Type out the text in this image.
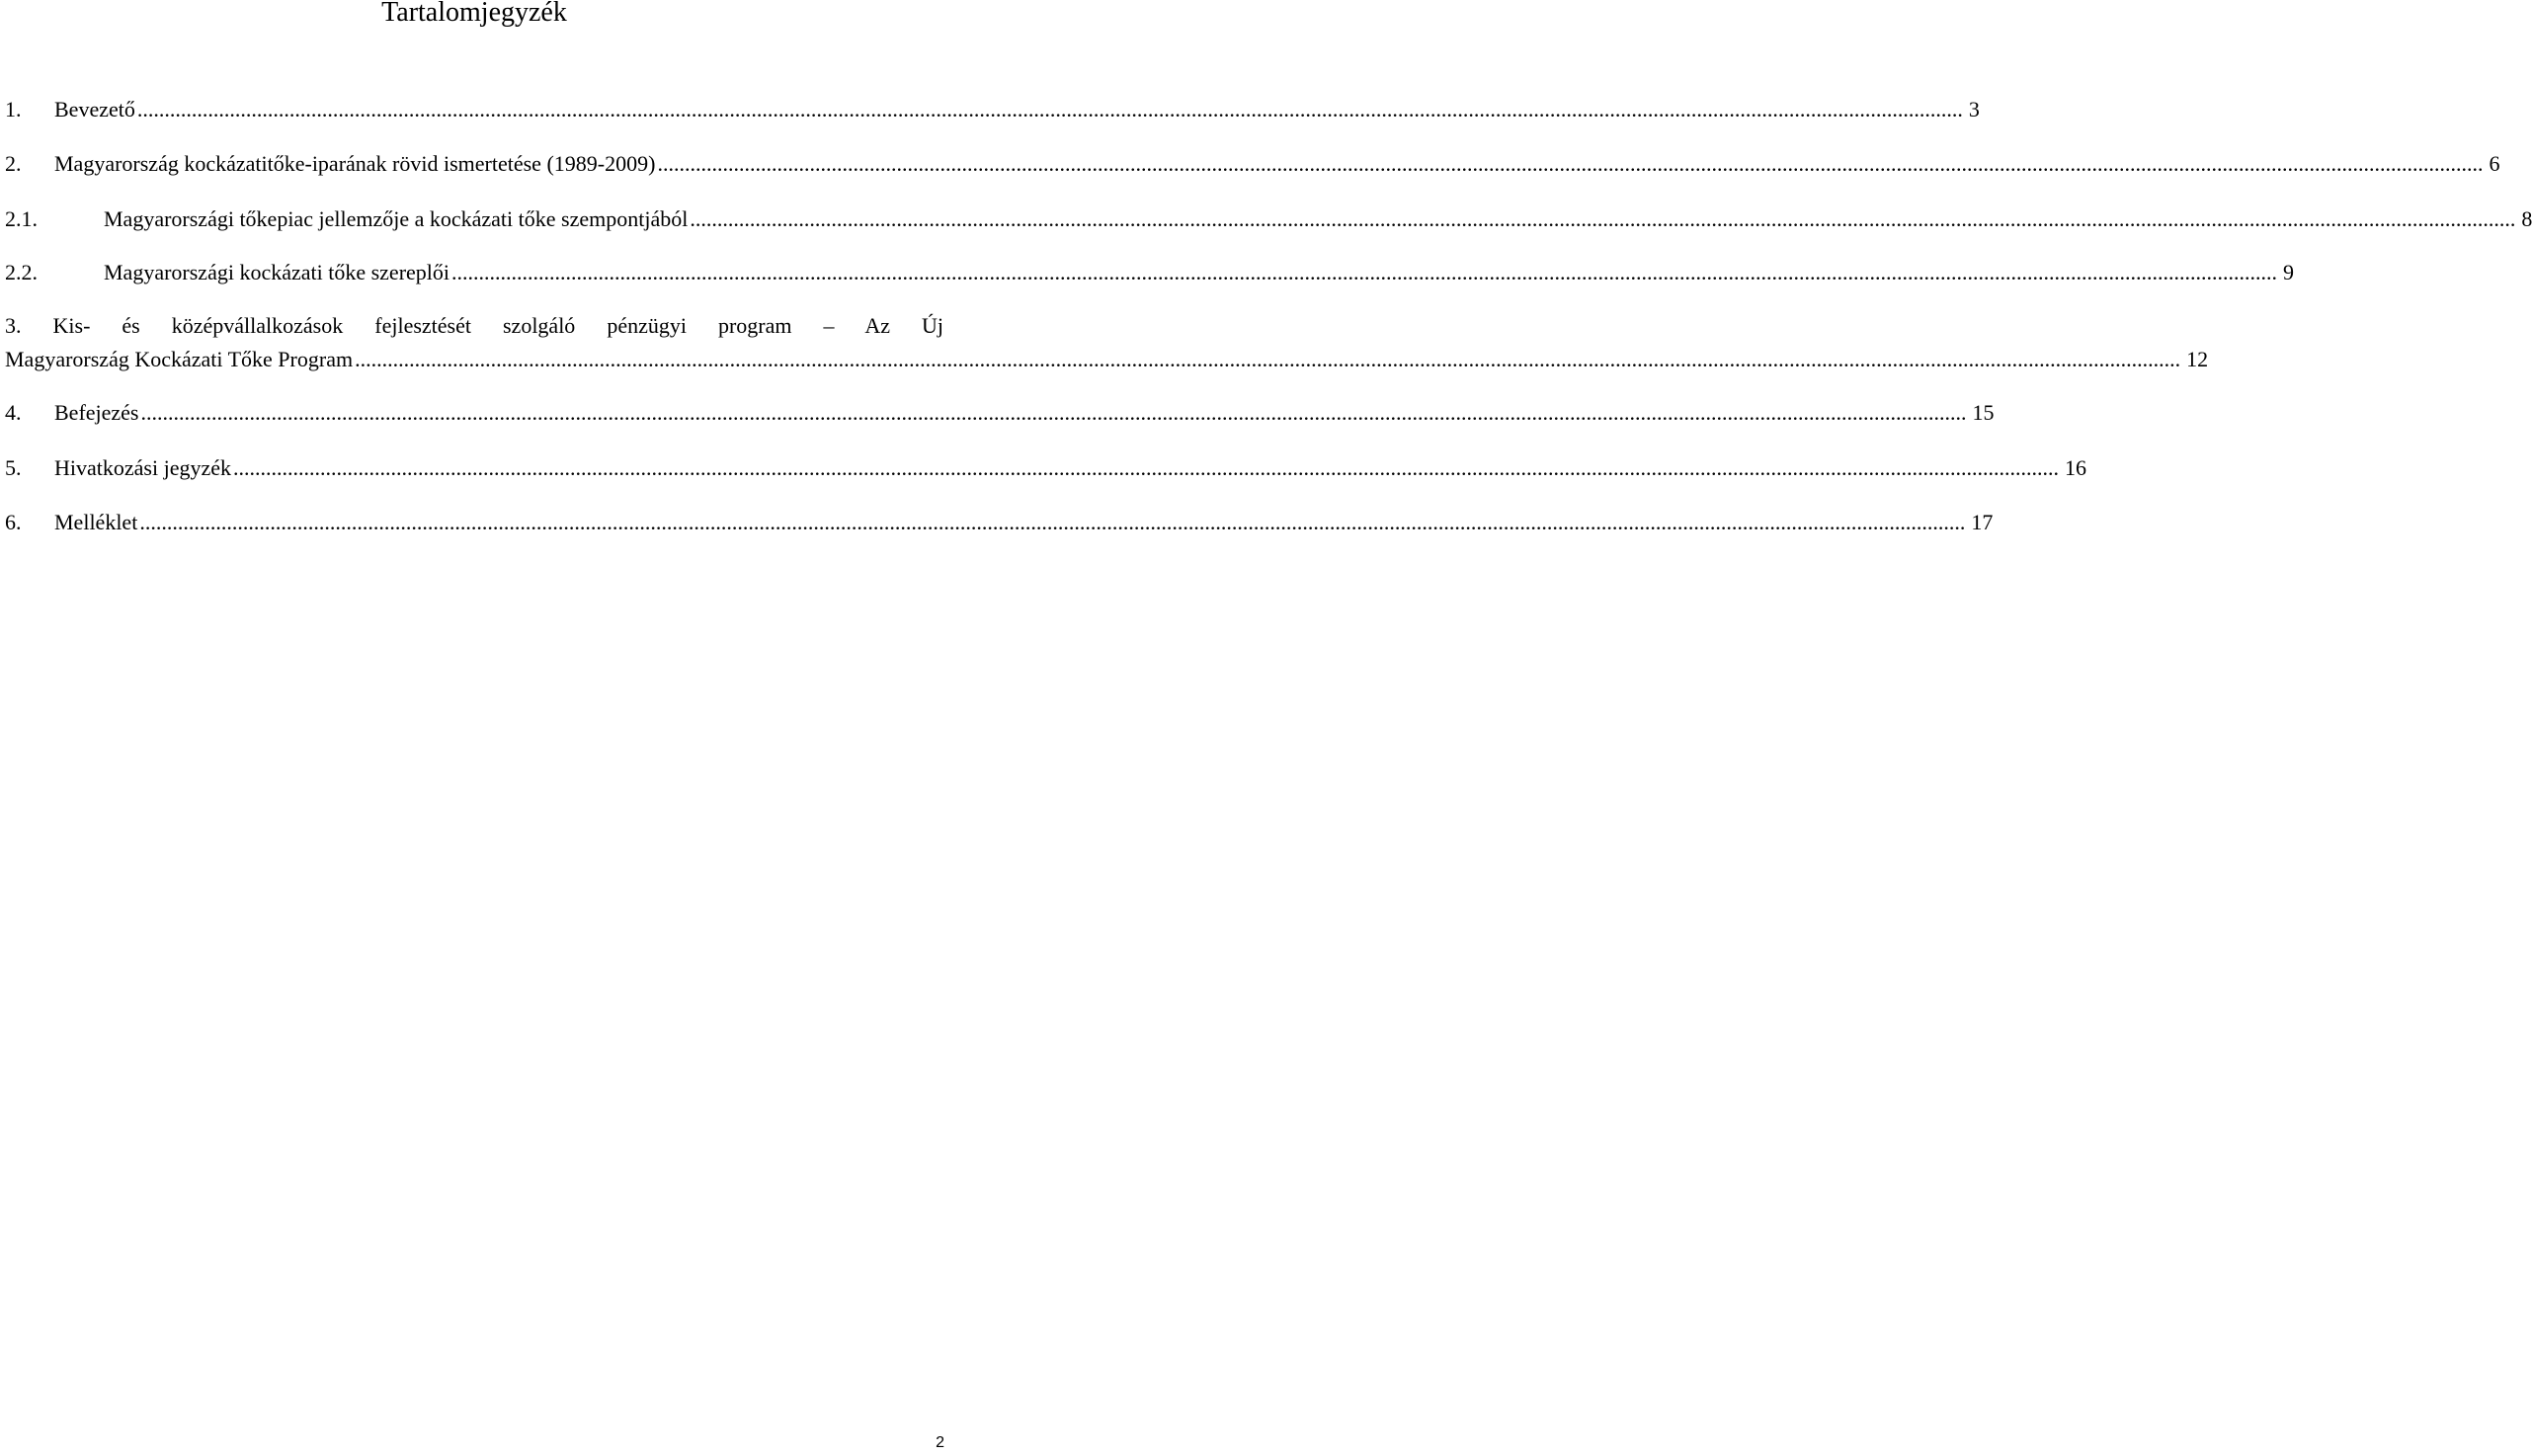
Tartalomjegyzék
1.	Bevezető .....	3
2.	Magyarország kockázatitőke-iparának rövid ismertetése (1989-2009) .....	6
2.1.	Magyarországi tőkepiac jellemzője a kockázati tőke szempontjából .....	8
2.2.	Magyarországi kockázati tőke szereplői .....	9
3. Kis- és középvállalkozások fejlesztését szolgáló pénzügyi program – Az Új
Magyarország Kockázati Tőke Program .....	12
4.	Befejezés .....	15
5.	Hivatkozási jegyzék .....	16
6.	Melléklet .....	17
2
